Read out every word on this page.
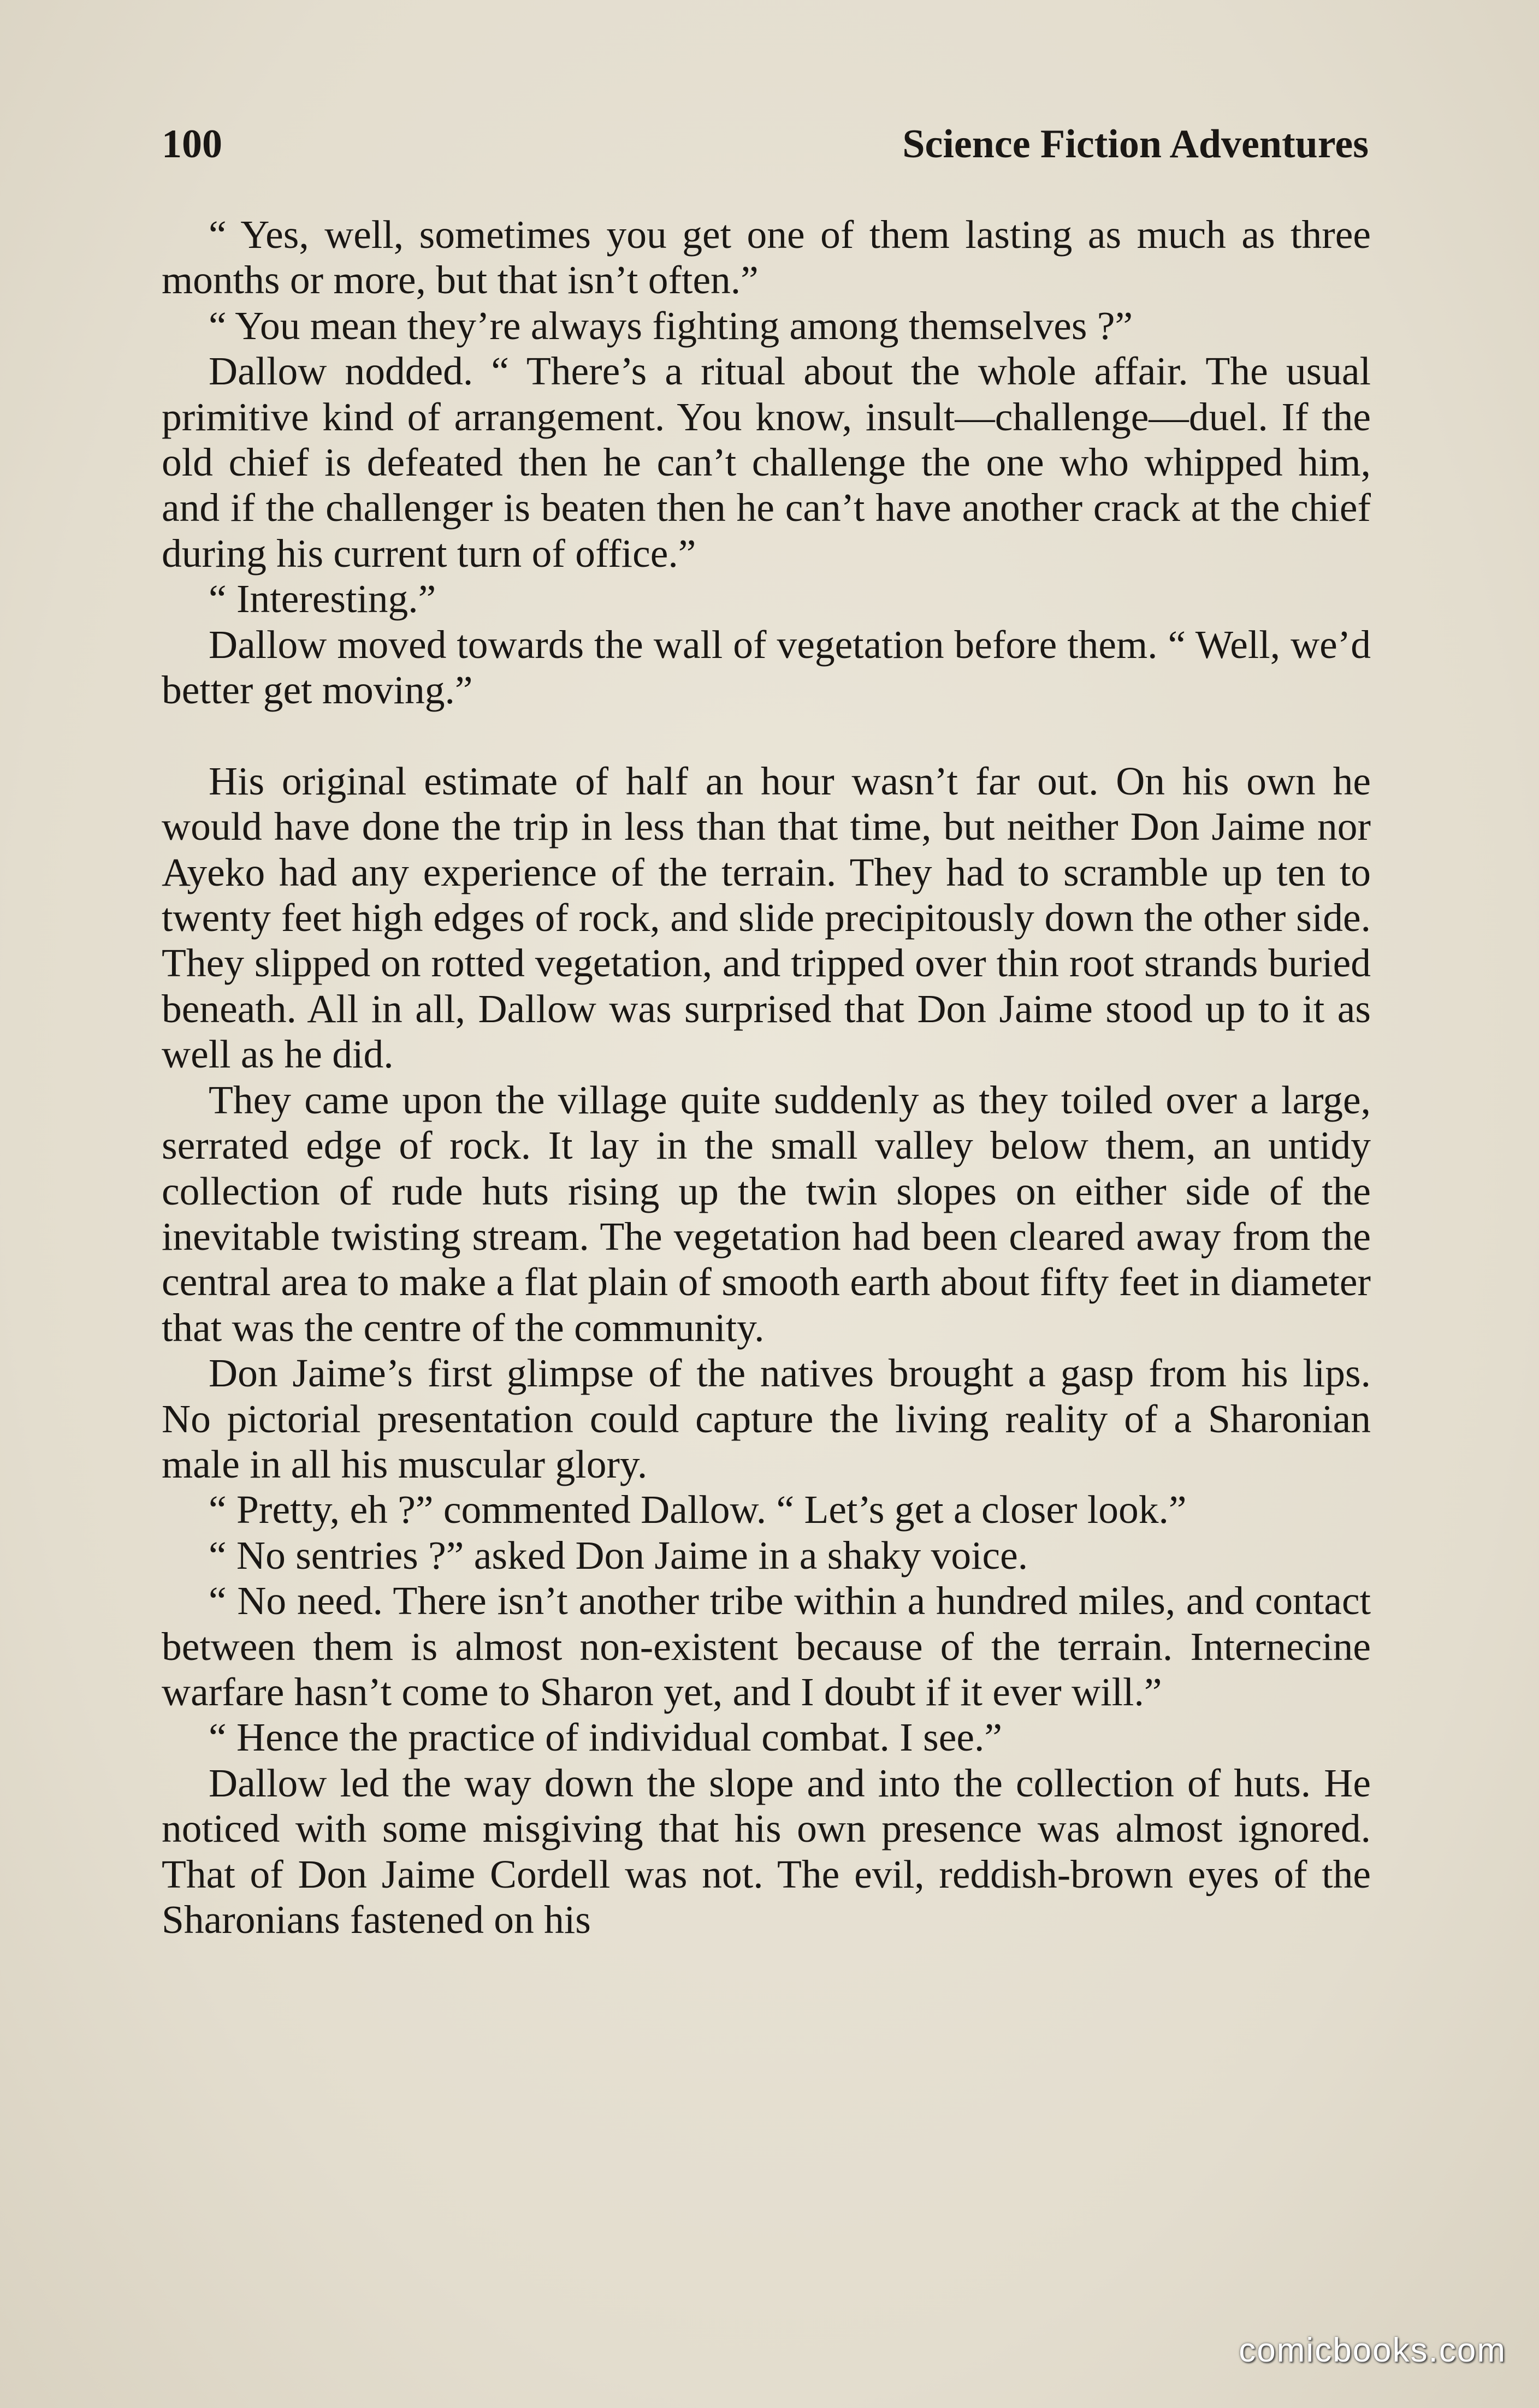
100	Science Fiction Adventures

“ Yes, well, sometimes you get one of them lasting as much as three months or more, but that isn’t often.”

“ You mean they’re always fighting among themselves ?”

Dallow nodded. “ There’s a ritual about the whole affair. The usual primitive kind of arrangement. You know, insult—challenge—duel. If the old chief is defeated then he can’t challenge the one who whipped him, and if the challenger is beaten then he can’t have another crack at the chief during his current turn of office.”

“ Interesting.”

Dallow moved towards the wall of vegetation before them. “ Well, we’d better get moving.”

His original estimate of half an hour wasn’t far out. On his own he would have done the trip in less than that time, but neither Don Jaime nor Ayeko had any experience of the terrain. They had to scramble up ten to twenty feet high edges of rock, and slide precipitously down the other side. They slipped on rotted vegetation, and tripped over thin root strands buried beneath. All in all, Dallow was surprised that Don Jaime stood up to it as well as he did.

They came upon the village quite suddenly as they toiled over a large, serrated edge of rock. It lay in the small valley below them, an untidy collection of rude huts rising up the twin slopes on either side of the inevitable twisting stream. The vegetation had been cleared away from the central area to make a flat plain of smooth earth about fifty feet in diameter that was the centre of the community.

Don Jaime’s first glimpse of the natives brought a gasp from his lips. No pictorial presentation could capture the living reality of a Sharonian male in all his muscular glory.

“ Pretty, eh ?” commented Dallow. “ Let’s get a closer look.”

“ No sentries ?” asked Don Jaime in a shaky voice.

“ No need. There isn’t another tribe within a hundred miles, and contact between them is almost non-existent because of the terrain. Internecine warfare hasn’t come to Sharon yet, and I doubt if it ever will.”

“ Hence the practice of individual combat. I see.”

Dallow led the way down the slope and into the collection of huts. He noticed with some misgiving that his own presence was almost ignored. That of Don Jaime Cordell was not. The evil, reddish-brown eyes of the Sharonians fastened on his

comicbooks.com
